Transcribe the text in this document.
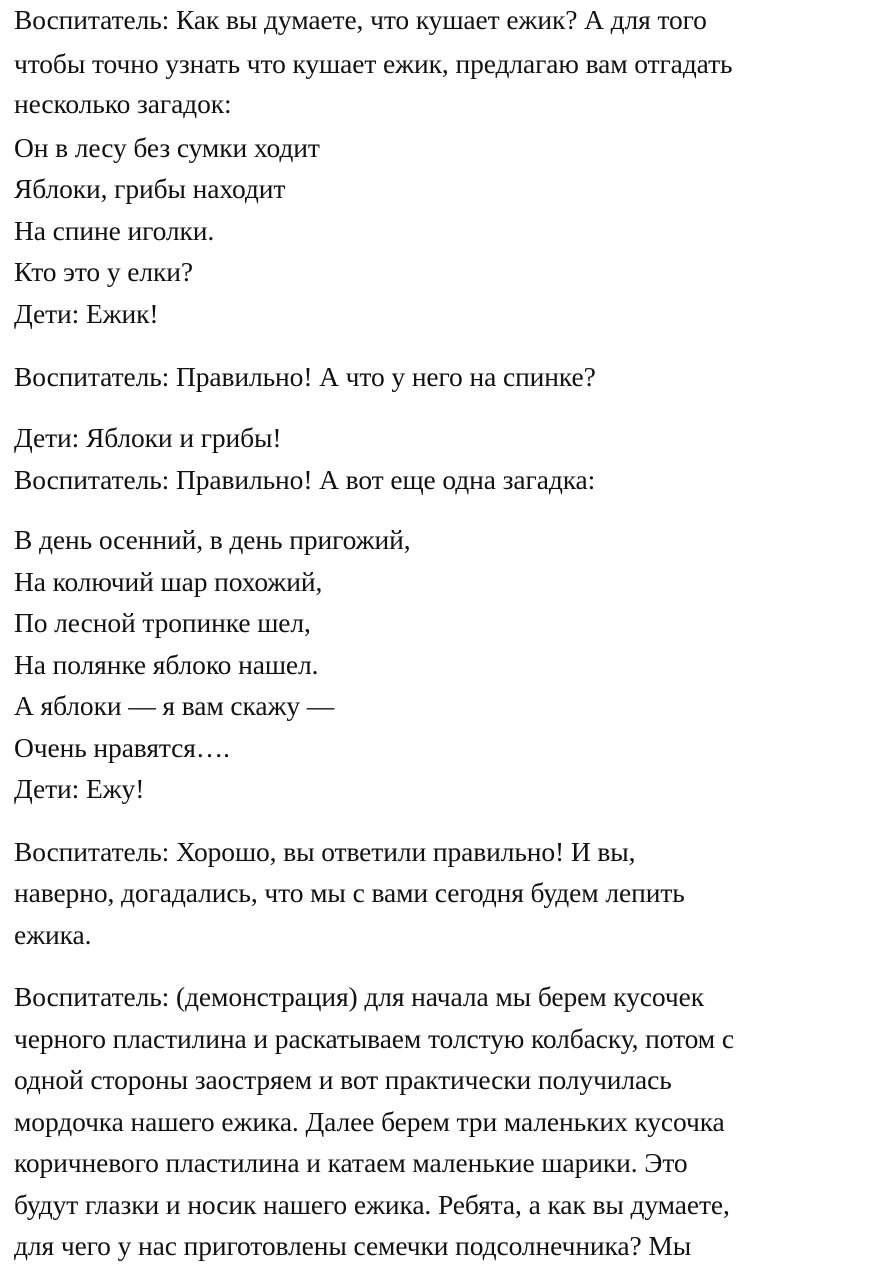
Воспитатель: Как вы думаете, что кушает ежик? А для того

чтобы точно узнать что кушает ежик, предлагаю вам отгадать

несколько загадок:

Он в лесу без сумки ходит

Яблоки, грибы находит

На спине иголки.

Кто это у елки?

Дети: Ежик!

Воспитатель: Правильно! А что у него на спинке?

Дети: Яблоки и грибы!

Воспитатель: Правильно! А вот еще одна загадка:

В день осенний, в день пригожий,

На колючий шар похожий,

По лесной тропинке шел,

На полянке яблоко нашел.

А яблоки — я вам скажу —

Очень нравятся….

Дети: Ежу!

Воспитатель: Хорошо, вы ответили правильно! И вы,

наверно, догадались, что мы с вами сегодня будем лепить

ежика.

Воспитатель: (демонстрация) для начала мы берем кусочек

черного пластилина и раскатываем толстую колбаску, потом с

одной стороны заостряем и вот практически получилась

мордочка нашего ежика. Далее берем три маленьких кусочка

коричневого пластилина и катаем маленькие шарики. Это

будут глазки и носик нашего ежика. Ребята, а как вы думаете,

для чего у нас приготовлены семечки подсолнечника? Мы
